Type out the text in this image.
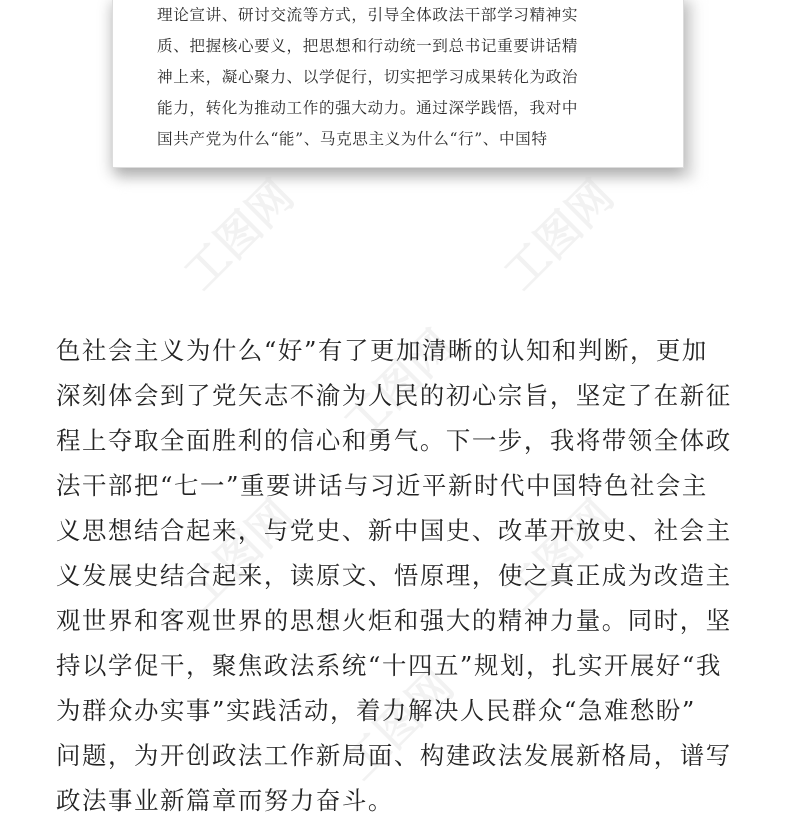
工图网	工图网
工图网
工图网	工图网
工图网
理论宣讲、研讨交流等方式，引导全体政法干部学习精神实
质、把握核心要义，把思想和行动统一到总书记重要讲话精
神上来，凝心聚力、以学促行，切实把学习成果转化为政治
能力，转化为推动工作的强大动力。通过深学践悟，我对中
国共产党为什么“能”、马克思主义为什么“行”、中国特
色社会主义为什么“好”有了更加清晰的认知和判断，更加
深刻体会到了党矢志不渝为人民的初心宗旨，坚定了在新征
程上夺取全面胜利的信心和勇气。下一步，我将带领全体政
法干部把“七一”重要讲话与习近平新时代中国特色社会主
义思想结合起来，与党史、新中国史、改革开放史、社会主
义发展史结合起来，读原文、悟原理，使之真正成为改造主
观世界和客观世界的思想火炬和强大的精神力量。同时，坚
持以学促干，聚焦政法系统“十四五”规划，扎实开展好“我
为群众办实事”实践活动，着力解决人民群众“急难愁盼”
问题，为开创政法工作新局面、构建政法发展新格局，谱写
政法事业新篇章而努力奋斗。
